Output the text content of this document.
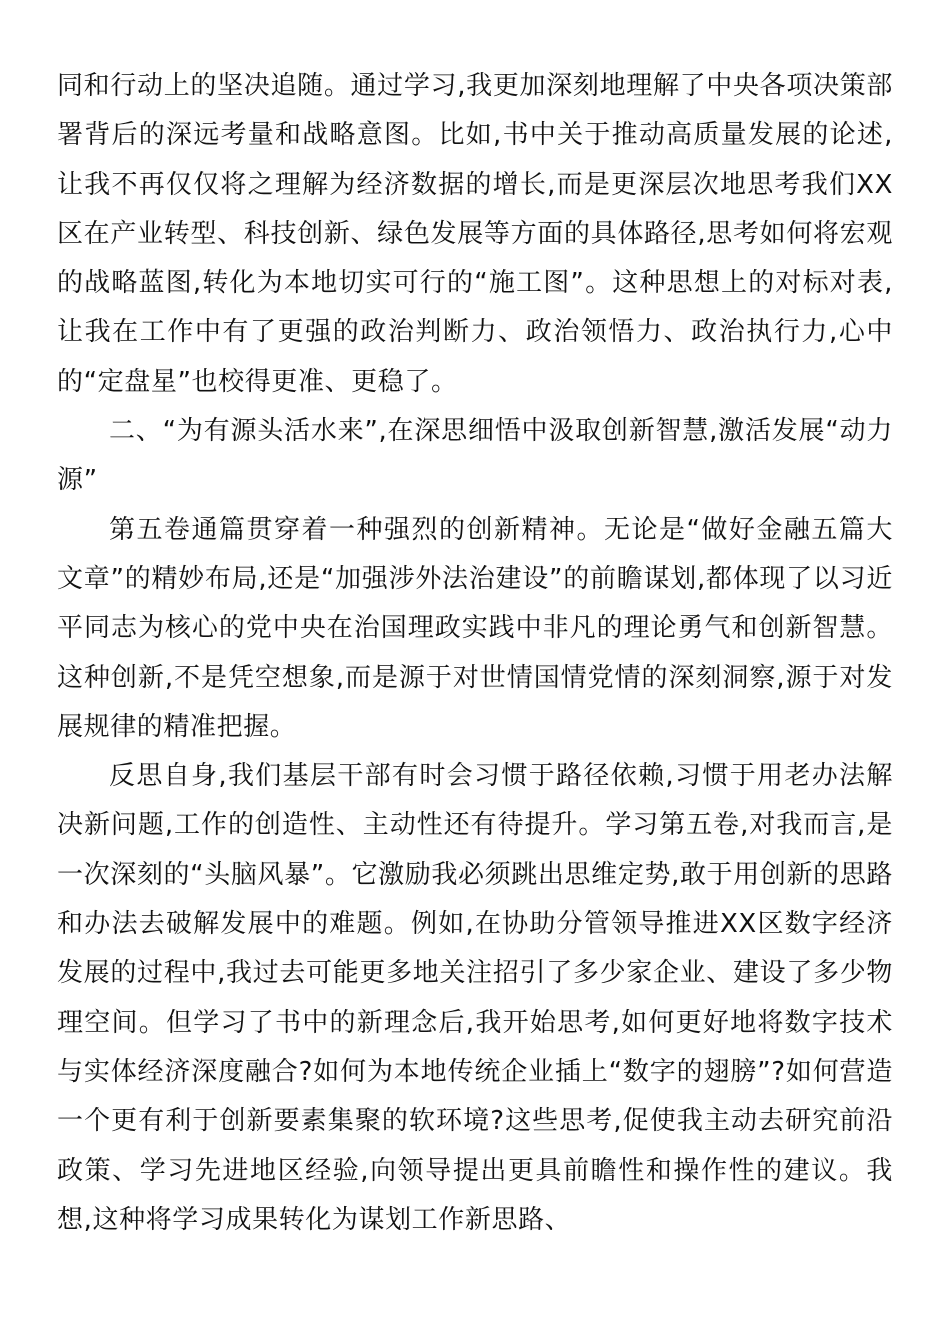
同和行动上的坚决追随。通过学习,我更加深刻地理解了中央各项决策部署背后的深远考量和战略意图。比如,书中关于推动高质量发展的论述,让我不再仅仅将之理解为经济数据的增长,而是更深层次地思考我们XX区在产业转型、科技创新、绿色发展等方面的具体路径,思考如何将宏观的战略蓝图,转化为本地切实可行的“施工图”。这种思想上的对标对表,让我在工作中有了更强的政治判断力、政治领悟力、政治执行力,心中的“定盘星”也校得更准、更稳了。

二、“为有源头活水来”,在深思细悟中汲取创新智慧,激活发展“动力源”

第五卷通篇贯穿着一种强烈的创新精神。无论是“做好金融五篇大文章”的精妙布局,还是“加强涉外法治建设”的前瞻谋划,都体现了以习近平同志为核心的党中央在治国理政实践中非凡的理论勇气和创新智慧。这种创新,不是凭空想象,而是源于对世情国情党情的深刻洞察,源于对发展规律的精准把握。

反思自身,我们基层干部有时会习惯于路径依赖,习惯于用老办法解决新问题,工作的创造性、主动性还有待提升。学习第五卷,对我而言,是一次深刻的“头脑风暴”。它激励我必须跳出思维定势,敢于用创新的思路和办法去破解发展中的难题。例如,在协助分管领导推进XX区数字经济发展的过程中,我过去可能更多地关注招引了多少家企业、建设了多少物理空间。但学习了书中的新理念后,我开始思考,如何更好地将数字技术与实体经济深度融合?如何为本地传统企业插上“数字的翅膀”?如何营造一个更有利于创新要素集聚的软环境?这些思考,促使我主动去研究前沿政策、学习先进地区经验,向领导提出更具前瞻性和操作性的建议。我想,这种将学习成果转化为谋划工作新思路、
